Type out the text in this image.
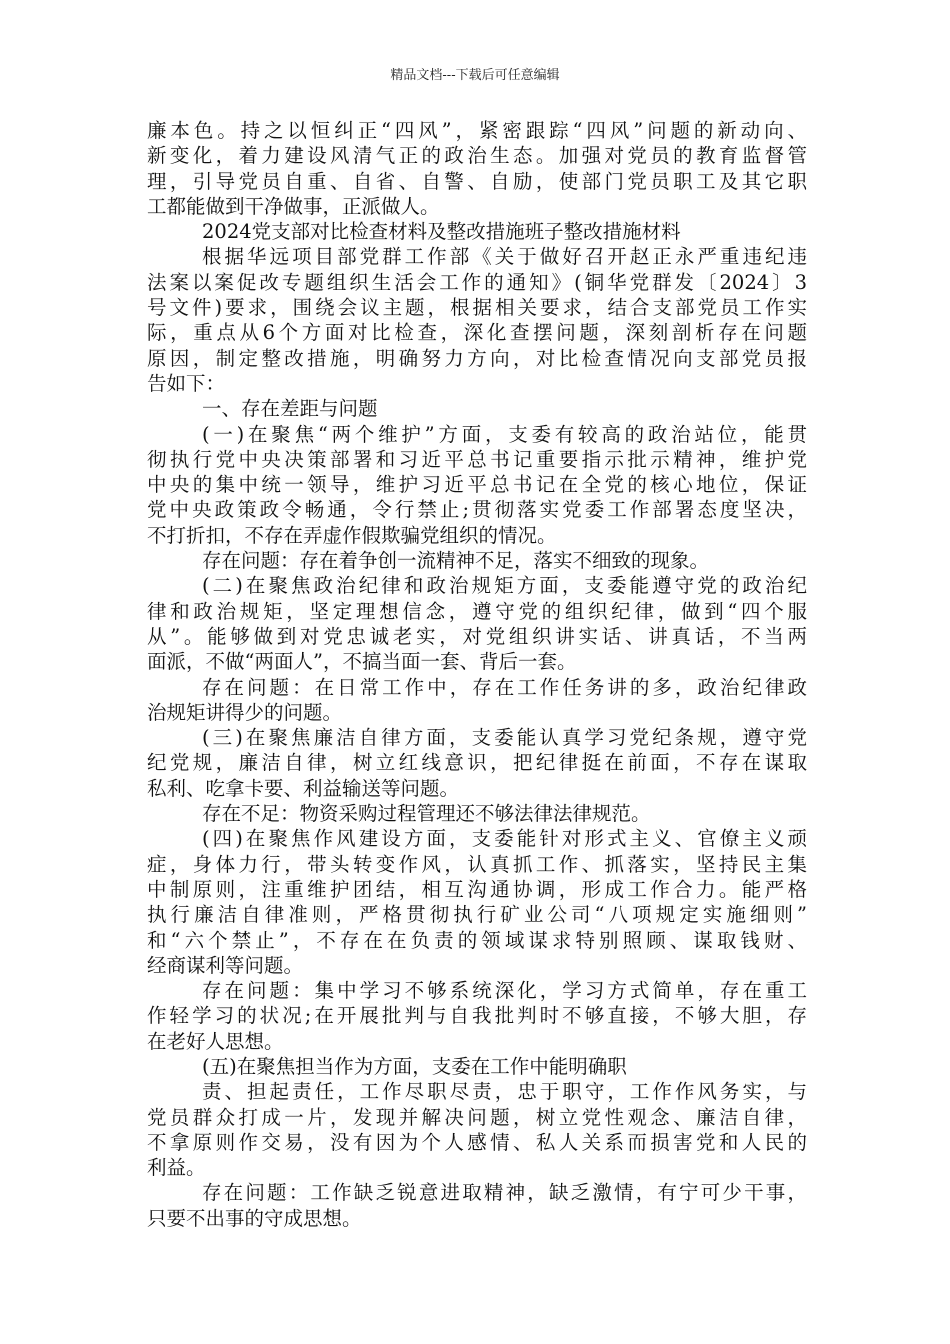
精品文档---下载后可任意编辑
廉本色。持之以恒纠正“四风”，紧密跟踪“四风”问题的新动向、
新变化，着力建设风清气正的政治生态。加强对党员的教育监督管
理，引导党员自重、自省、自警、自励，使部门党员职工及其它职
工都能做到干净做事，正派做人。
2024党支部对比检查材料及整改措施班子整改措施材料
根据华远项目部党群工作部《关于做好召开赵正永严重违纪违
法案以案促改专题组织生活会工作的通知》(铜华党群发〔2024〕3
号文件)要求，围绕会议主题，根据相关要求，结合支部党员工作实
际，重点从6个方面对比检查，深化查摆问题，深刻剖析存在问题
原因，制定整改措施，明确努力方向，对比检查情况向支部党员报
告如下：
一、存在差距与问题
(一)在聚焦“两个维护”方面，支委有较高的政治站位，能贯
彻执行党中央决策部署和习近平总书记重要指示批示精神，维护党
中央的集中统一领导，维护习近平总书记在全党的核心地位，保证
党中央政策政令畅通，令行禁止;贯彻落实党委工作部署态度坚决，
不打折扣，不存在弄虚作假欺骗党组织的情况。
存在问题：存在着争创一流精神不足，落实不细致的现象。
(二)在聚焦政治纪律和政治规矩方面，支委能遵守党的政治纪
律和政治规矩，坚定理想信念，遵守党的组织纪律，做到“四个服
从”。能够做到对党忠诚老实，对党组织讲实话、讲真话，不当两
面派，不做“两面人”，不搞当面一套、背后一套。
存在问题：在日常工作中，存在工作任务讲的多，政治纪律政
治规矩讲得少的问题。
(三)在聚焦廉洁自律方面，支委能认真学习党纪条规，遵守党
纪党规，廉洁自律，树立红线意识，把纪律挺在前面，不存在谋取
私利、吃拿卡要、利益输送等问题。
存在不足：物资采购过程管理还不够法律法律规范。
(四)在聚焦作风建设方面，支委能针对形式主义、官僚主义顽
症，身体力行，带头转变作风，认真抓工作、抓落实，坚持民主集
中制原则，注重维护团结，相互沟通协调，形成工作合力。能严格
执行廉洁自律准则，严格贯彻执行矿业公司“八项规定实施细则”
和“六个禁止”，不存在在负责的领域谋求特别照顾、谋取钱财、
经商谋利等问题。
存在问题：集中学习不够系统深化，学习方式简单，存在重工
作轻学习的状况;在开展批判与自我批判时不够直接，不够大胆，存
在老好人思想。
(五)在聚焦担当作为方面，支委在工作中能明确职
责、担起责任，工作尽职尽责，忠于职守，工作作风务实，与
党员群众打成一片，发现并解决问题，树立党性观念、廉洁自律，
不拿原则作交易，没有因为个人感情、私人关系而损害党和人民的
利益。
存在问题：工作缺乏锐意进取精神，缺乏激情，有宁可少干事，
只要不出事的守成思想。
